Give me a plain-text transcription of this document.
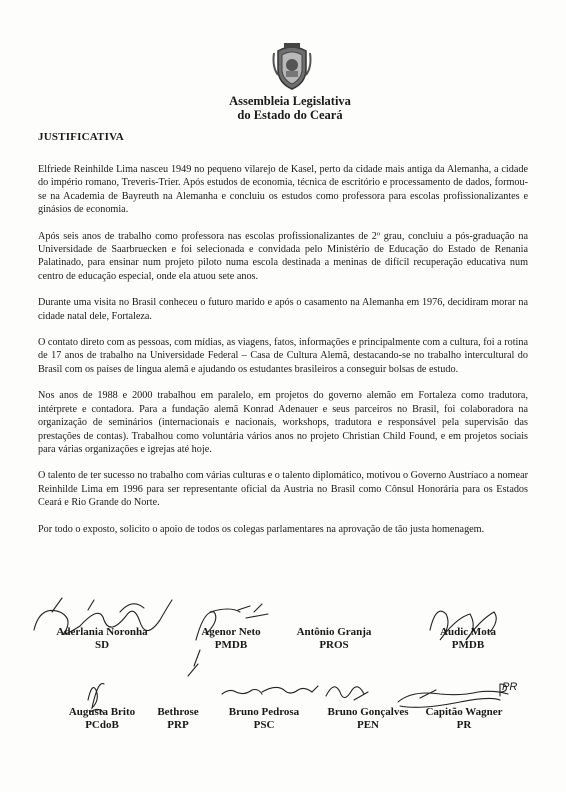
Assembleia Legislativa
do Estado do Ceará
JUSTIFICATIVA

Elfriede Reinhilde Lima nasceu 1949 no pequeno vilarejo de Kasel, perto da cidade mais antiga da Alemanha, a cidade do império romano, Treveris-Trier. Após estudos de economia, técnica de escritório e processamento de dados, formou-se na Academia de Bayreuth na Alemanha e concluiu os estudos como professora para escolas profissionalizantes e ginásios de economia.

Após seis anos de trabalho como professora nas escolas profissionalizantes de 2º grau, concluiu a pós-graduação na Universidade de Saarbruecken e foi selecionada e convidada pelo Ministério de Educação do Estado de Renania Palatinado, para ensinar num projeto piloto numa escola destinada a meninas de difícil recuperação educativa num centro de educação especial, onde ela atuou sete anos.

Durante uma visita no Brasil conheceu o futuro marido e após o casamento na Alemanha em 1976, decidiram morar na cidade natal dele, Fortaleza.

O contato direto com as pessoas, com mídias, as viagens, fatos, informações e principalmente com a cultura, foi a rotina de 17 anos de trabalho na Universidade Federal – Casa de Cultura Alemã, destacando-se no trabalho intercultural do Brasil com os países de língua alemã e ajudando os estudantes brasileiros a conseguir bolsas de estudo.

Nos anos de 1988 e 2000 trabalhou em paralelo, em projetos do governo alemão em Fortaleza como tradutora, intérprete e contadora. Para a fundação alemã Konrad Adenauer e seus parceiros no Brasil, foi colaboradora na organização de seminários (internacionais e nacionais, workshops, tradutora e responsável pela supervisão das prestações de contas). Trabalhou como voluntária vários anos no projeto Christian Child Found, e em projetos sociais para várias organizações e igrejas até hoje.

O talento de ter sucesso no trabalho com várias culturas e o talento diplomático, motivou o Governo Austríaco a nomear Reinhilde Lima em 1996 para ser representante oficial da Austria no Brasil como Cônsul Honorária para os Estados Ceará e Rio Grande do Norte.

Por todo o exposto, solicito o apoio de todos os colegas parlamentares na aprovação de tão justa homenagem.

PR
Aderlania Noronha
SD
Agenor Neto
PMDB
Antônio Granja
PROS
Audic Mota
PMDB
Augusta Brito
PCdoB
Bethrose
PRP
Bruno Pedrosa
PSC
Bruno Gonçalves
PEN
Capitão Wagner
PR
